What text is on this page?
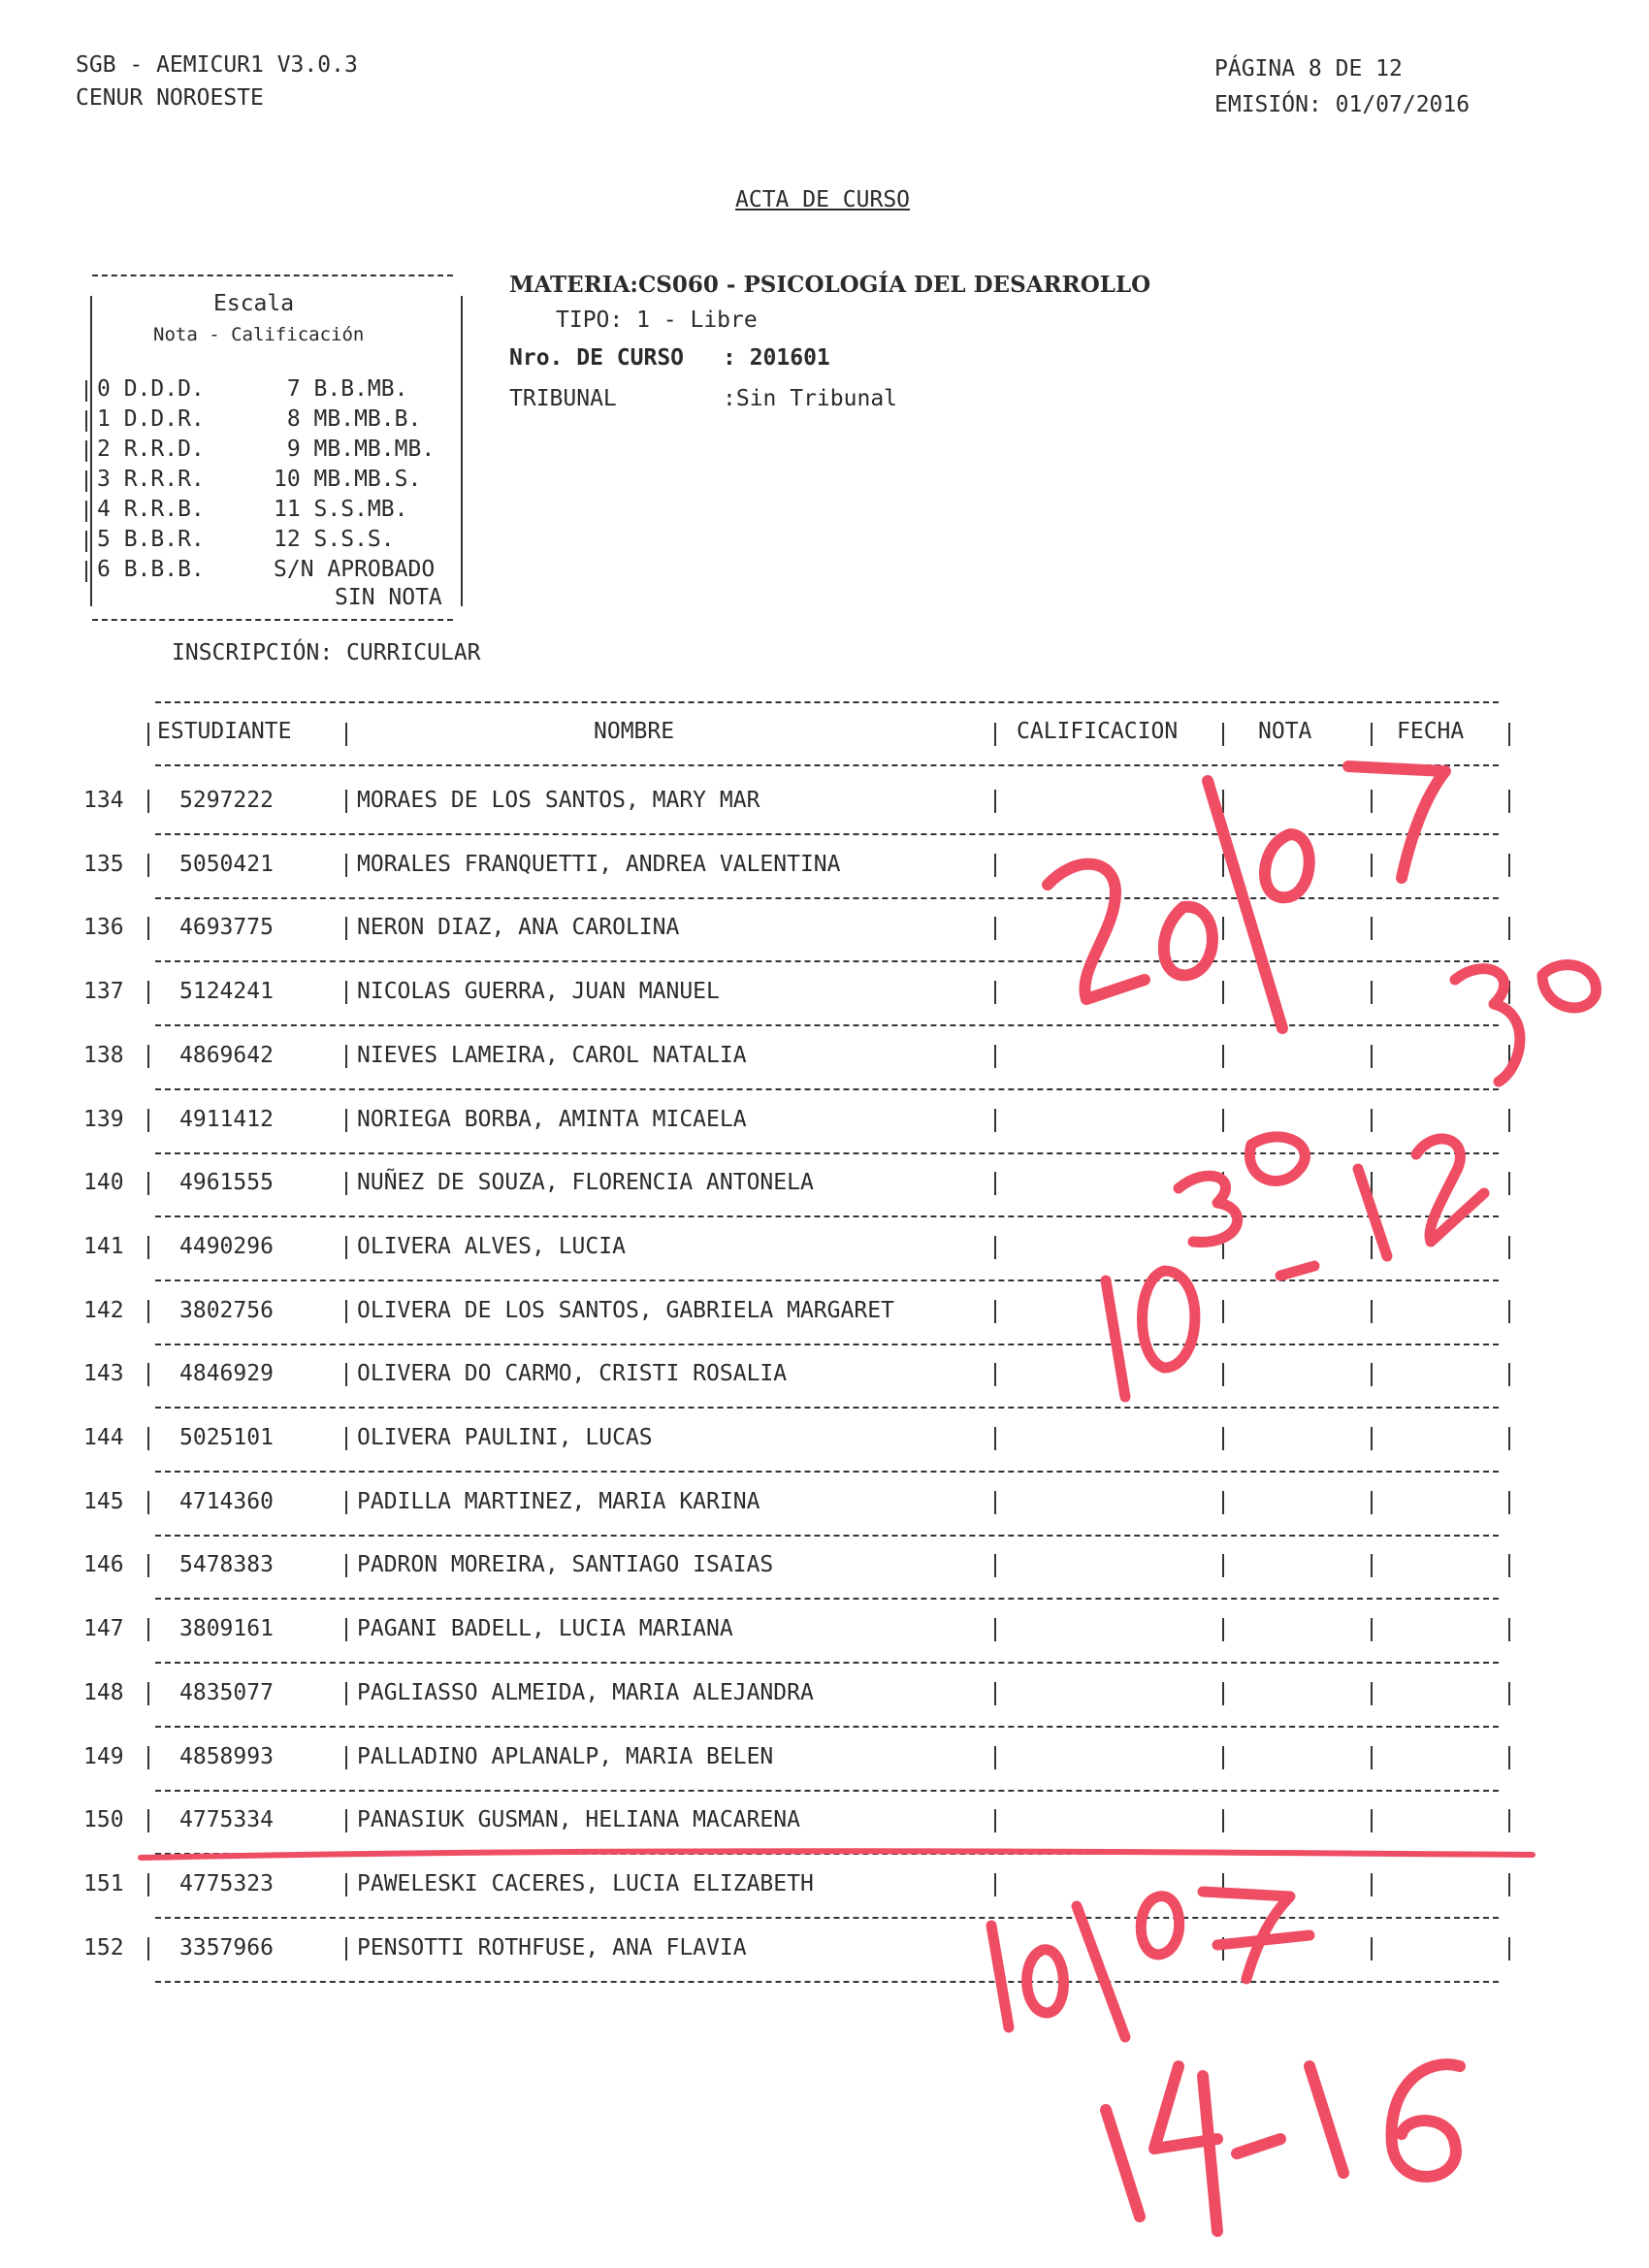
SGB - AEMICUR1 V3.0.3
CENUR NOROESTE
PÁGINA 8 DE 12
EMISIÓN: 01/07/2016
ACTA DE CURSO
Escala
Nota - Calificación
0 D.D.D.	7 B.B.MB.
1 D.D.R.	8 MB.MB.B.
2 R.R.D.	9 MB.MB.MB.
3 R.R.R.	10 MB.MB.S.
4 R.R.B.	11 S.S.MB.
5 B.B.R.	12 S.S.S.
6 B.B.B.	S/N APROBADO
SIN NOTA
MATERIA: CS060 - PSICOLOGÍA DEL DESARROLLO
TIPO: 1 - Libre
Nro. DE CURSO : 201601
TRIBUNAL	:Sin Tribunal
INSCRIPCIÓN: CURRICULAR
ESTUDIANTE	NOMBRE	CALIFICACION	NOTA	FECHA
134 5297222	MORAES DE LOS SANTOS, MARY MAR
135 5050421	MORALES FRANQUETTI, ANDREA VALENTINA
136 4693775	NERON DIAZ, ANA CAROLINA
137 5124241	NICOLAS GUERRA, JUAN MANUEL
138 4869642	NIEVES LAMEIRA, CAROL NATALIA
139 4911412	NORIEGA BORBA, AMINTA MICAELA
140 4961555	NUÑEZ DE SOUZA, FLORENCIA ANTONELA
141 4490296	OLIVERA ALVES, LUCIA
142 3802756	OLIVERA DE LOS SANTOS, GABRIELA MARGARET
143 4846929	OLIVERA DO CARMO, CRISTI ROSALIA
144 5025101	OLIVERA PAULINI, LUCAS
145 4714360	PADILLA MARTINEZ, MARIA KARINA
146 5478383	PADRON MOREIRA, SANTIAGO ISAIAS
147 3809161	PAGANI BADELL, LUCIA MARIANA
148 4835077	PAGLIASSO ALMEIDA, MARIA ALEJANDRA
149 4858993	PALLADINO APLANALP, MARIA BELEN
150 4775334	PANASIUK GUSMAN, HELIANA MACARENA
151 4775323	PAWELESKI CACERES, LUCIA ELIZABETH
152 3357966	PENSOTTI ROTHFUSE, ANA FLAVIA
